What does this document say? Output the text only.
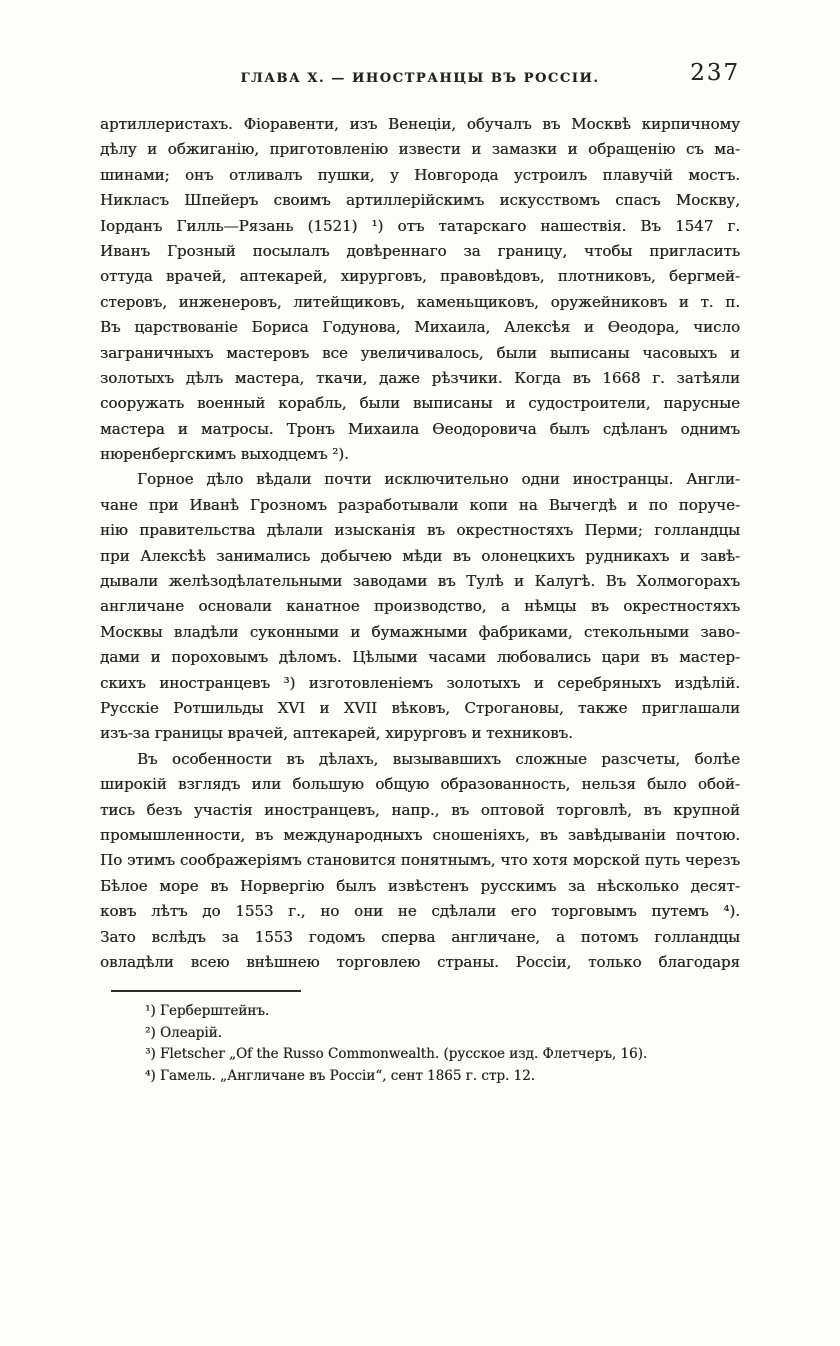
ГЛАВА X. — ИНОСТРАНЦЫ ВЪ РОССІИ.	237
артиллеристахъ. Фіоравенти, изъ Венеціи, обучалъ въ Москвѣ кирпичному
дѣлу и обжиганію, приготовленію извести и замазки и обращенію съ ма-
шинами; онъ отливалъ пушки, у Новгорода устроилъ плавучій мостъ.
Никласъ Шпейеръ своимъ артиллерійскимъ искусствомъ спасъ Москву,
Іорданъ Гилль—Рязань (1521) ¹) отъ татарскаго нашествія. Въ 1547 г.
Иванъ Грозный посылалъ довѣреннаго за границу, чтобы пригласить
оттуда врачей, аптекарей, хирурговъ, правовѣдовъ, плотниковъ, бергмей-
стеровъ, инженеровъ, литейщиковъ, каменьщиковъ, оружейниковъ и т. п.
Въ царствованіе Бориса Годунова, Михаила, Алексѣя и Ѳеодора, число
заграничныхъ мастеровъ все увеличивалось, были выписаны часовыхъ и
золотыхъ дѣлъ мастера, ткачи, даже рѣзчики. Когда въ 1668 г. затѣяли
сооружать военный корабль, были выписаны и судостроители, парусные
мастера и матросы. Тронъ Михаила Ѳеодоровича былъ сдѣланъ однимъ
нюренбергскимъ выходцемъ ²).
Горное дѣло вѣдали почти исключительно одни иностранцы. Англи-
чане при Иванѣ Грозномъ разработывали копи на Вычегдѣ и по поруче-
нію правительства дѣлали изысканія въ окрестностяхъ Перми; голландцы
при Алексѣѣ занимались добычею мѣди въ олонецкихъ рудникахъ и завѣ-
дывали желѣзодѣлательными заводами въ Тулѣ и Калугѣ. Въ Холмогорахъ
англичане основали канатное производство, а нѣмцы въ окрестностяхъ
Москвы владѣли суконными и бумажными фабриками, стекольными заво-
дами и пороховымъ дѣломъ. Цѣлыми часами любовались цари въ мастер-
скихъ иностранцевъ ³) изготовленіемъ золотыхъ и серебряныхъ издѣлій.
Русскіе Ротшильды XVI и XVII вѣковъ, Строгановы, также приглашали
изъ-за границы врачей, аптекарей, хирурговъ и техниковъ.
Въ особенности въ дѣлахъ, вызывавшихъ сложные разсчеты, болѣе
широкій взглядъ или большую общую образованность, нельзя было обой-
тись безъ участія иностранцевъ, напр., въ оптовой торговлѣ, въ крупной
промышленности, въ международныхъ сношеніяхъ, въ завѣдываніи почтою.
По этимъ соображеріямъ становится понятнымъ, что хотя морской путь черезъ
Бѣлое море въ Норвергію былъ извѣстенъ русскимъ за нѣсколько десят-
ковъ лѣтъ до 1553 г., но они не сдѣлали его торговымъ путемъ ⁴).
Зато вслѣдъ за 1553 годомъ сперва англичане, а потомъ голландцы
овладѣли всею внѣшнею торговлею страны. Россіи, только благодаря
¹) Герберштейнъ.
²) Олеарій.
³) Fletscher „Of the Russo Commonwealth. (русское изд. Флетчеръ, 16).
⁴) Гамель. „Англичане въ Россіи“, сент 1865 г. стр. 12.
